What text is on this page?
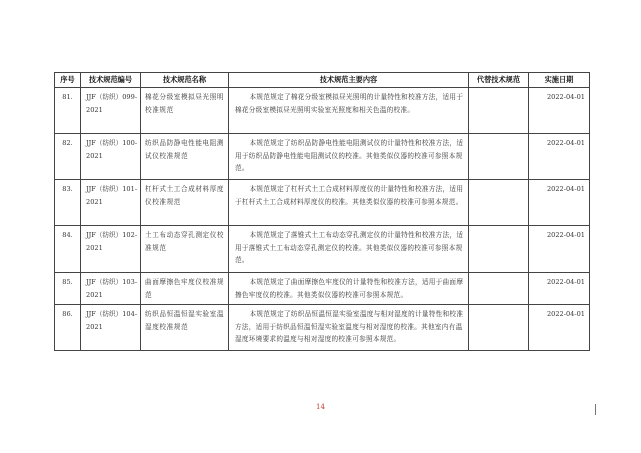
序号	技术规范编号	技术规范名称	技术规范主要内容	代替技术规范	实施日期
81.	JJF（纺织）099-2021	棉花分级室模拟昼光照明校准规范	本规范规定了棉花分级室模拟昼光照明的计量特性和校准方法，适用于棉花分级室模拟昼光照明实验室光照度和相关色温的校准。		2022-04-01
82.	JJF（纺织）100-2021	纺织品防静电性能电阻测试仪校准规范	本规范规定了纺织品防静电性能电阻测试仪的计量特性和校准方法，适用于纺织品防静电性能电阻测试仪的校准。其他类似仪器的校准可参照本规范。		2022-04-01
83.	JJF（纺织）101-2021	杠杆式土工合成材料厚度仪校准规范	本规范规定了杠杆式土工合成材料厚度仪的计量特性和校准方法，适用于杠杆式土工合成材料厚度仪的校准。其他类似仪器的校准可参照本规范。		2022-04-01
84.	JJF（纺织）102-2021	土工布动态穿孔测定仪校准规范	本规范规定了落锥式土工布动态穿孔测定仪的计量特性和校准方法，适用于落锥式土工布动态穿孔测定仪的校准。其他类似仪器的校准可参照本规范。		2022-04-01
85.	JJF（纺织）103-2021	曲面摩擦色牢度仪校准规范	本规范规定了曲面摩擦色牢度仪的计量特性和校准方法，适用于曲面摩擦色牢度仪的校准。其他类似仪器的校准可参照本规范。		2022-04-01
86.	JJF（纺织）104-2021	纺织品恒温恒湿实验室温湿度校准规范	本规范规定了纺织品恒温恒湿实验室温度与相对湿度的计量特性和校准方法，适用于纺织品恒温恒湿实验室温度与相对湿度的校准。其他室内有温湿度环境要求的温度与相对湿度的校准可参照本规范。		2022-04-01
14
